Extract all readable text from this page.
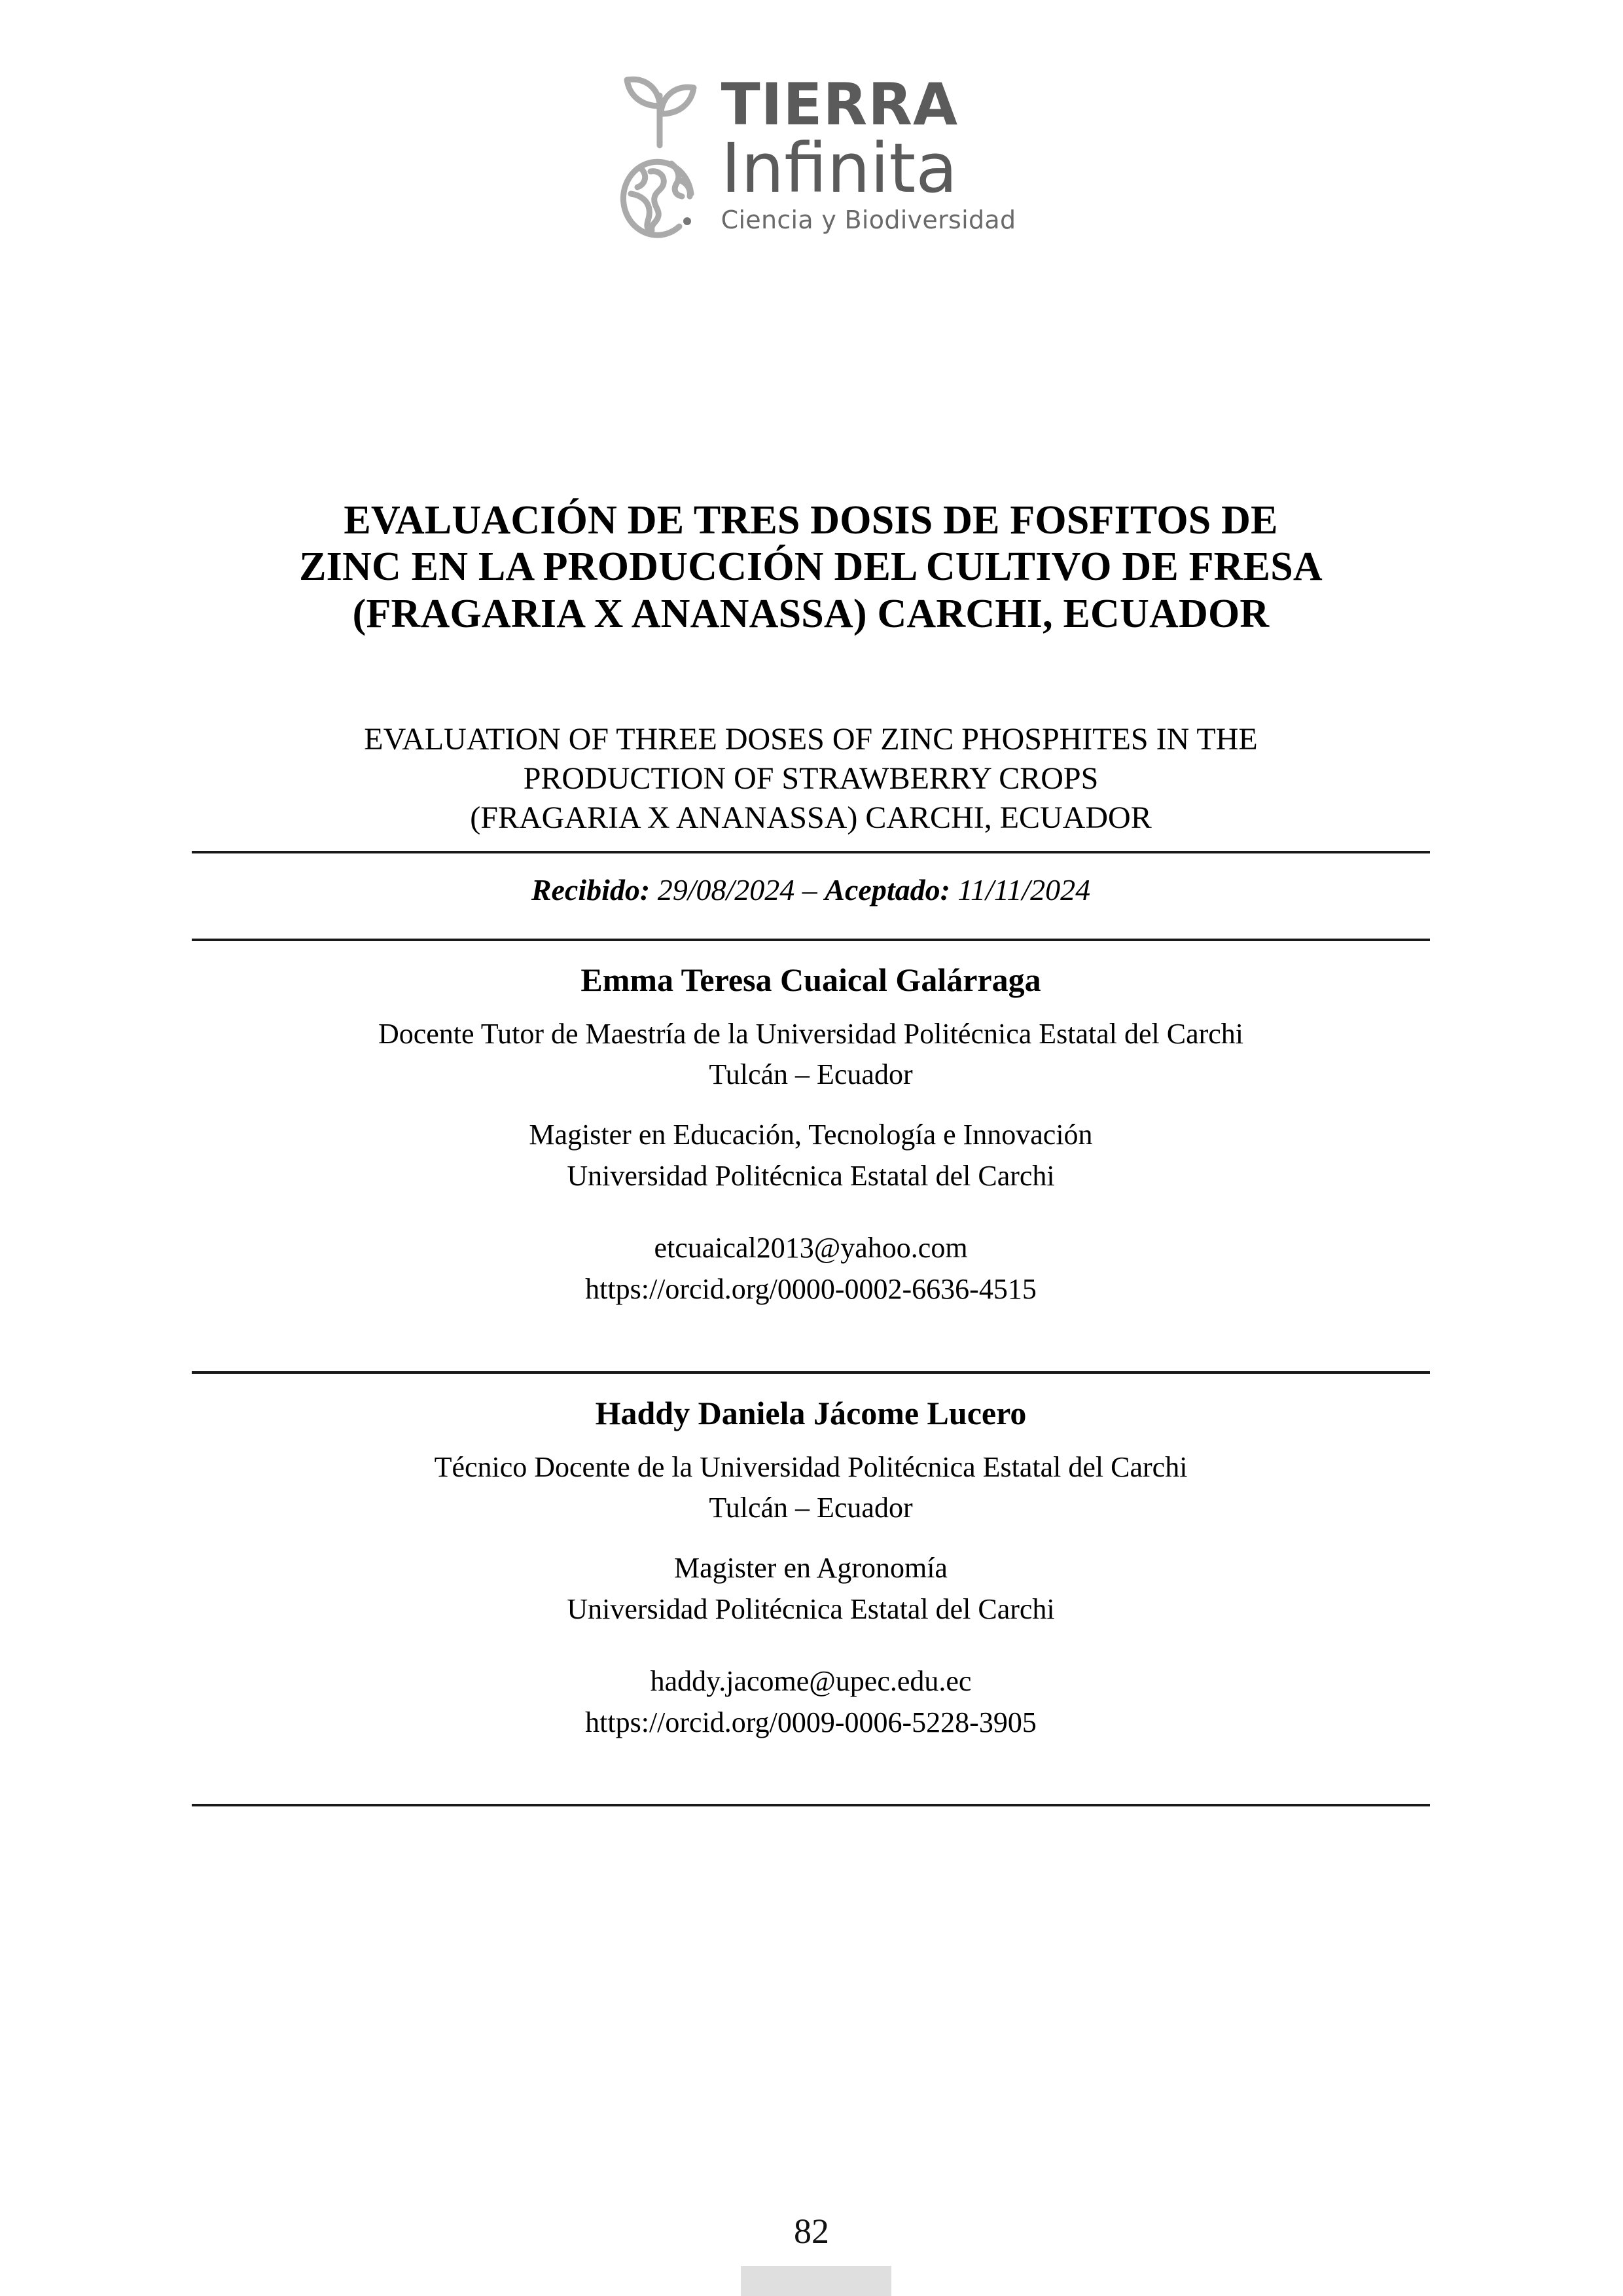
TIERRA
Infinita
Ciencia y Biodiversidad
EVALUACIÓN DE TRES DOSIS DE FOSFITOS DE
ZINC EN LA PRODUCCIÓN DEL CULTIVO DE FRESA
(FRAGARIA X ANANASSA) CARCHI, ECUADOR
EVALUATION OF THREE DOSES OF ZINC PHOSPHITES IN THE
PRODUCTION OF STRAWBERRY CROPS
(FRAGARIA X ANANASSA) CARCHI, ECUADOR
Recibido: 29/08/2024 – Aceptado: 11/11/2024
Emma Teresa Cuaical Galárraga
Docente Tutor de Maestría de la Universidad Politécnica Estatal del Carchi
Tulcán – Ecuador
Magister en Educación, Tecnología e Innovación
Universidad Politécnica Estatal del Carchi
etcuaical2013@yahoo.com
https://orcid.org/0000-0002-6636-4515
Haddy Daniela Jácome Lucero
Técnico Docente de la Universidad Politécnica Estatal del Carchi
Tulcán – Ecuador
Magister en Agronomía
Universidad Politécnica Estatal del Carchi
haddy.jacome@upec.edu.ec
https://orcid.org/0009-0006-5228-3905
82
